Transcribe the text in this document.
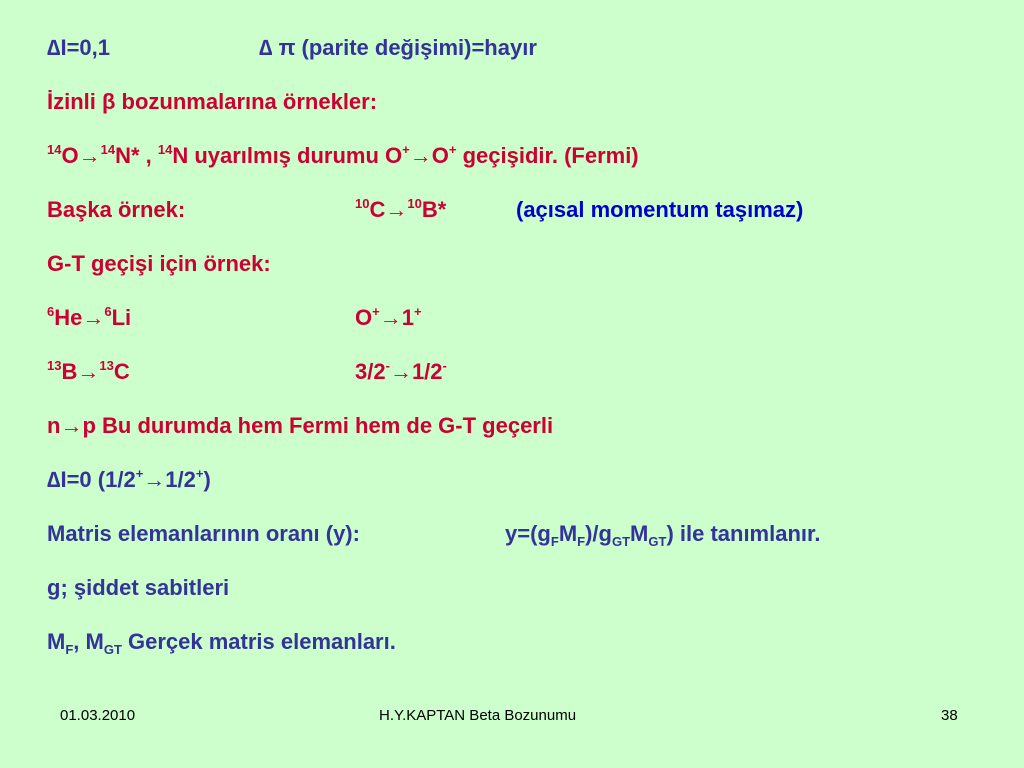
∆I=0,1	∆ π (parite değişimi)=hayır
İzinli β bozunmalarına örnekler:
$^{14}$O→$^{14}$N* , $^{14}$N uyarılmış durumu O+→O+ geçişidir. (Fermi)
Başka örnek:	$^{10}$C→$^{10}$B*	(açısal momentum taşımaz)
G-T geçişi için örnek:
$^6$He→$^6$Li	O+→1+
$^{13}$B→$^{13}$C	3/2-→1/2-
n→p Bu durumda hem Fermi hem de G-T geçerli
∆I=0 (1/2+→1/2+)
Matris elemanlarının oranı (y):	$y=(g_FM_F)/g_{GT}M_{GT}$) ile tanımlanır.
g; şiddet sabitleri
$M_F$, $M_{GT}$ Gerçek matris elemanları.
01.03.2010	H.Y.KAPTAN Beta Bozunumu	38
